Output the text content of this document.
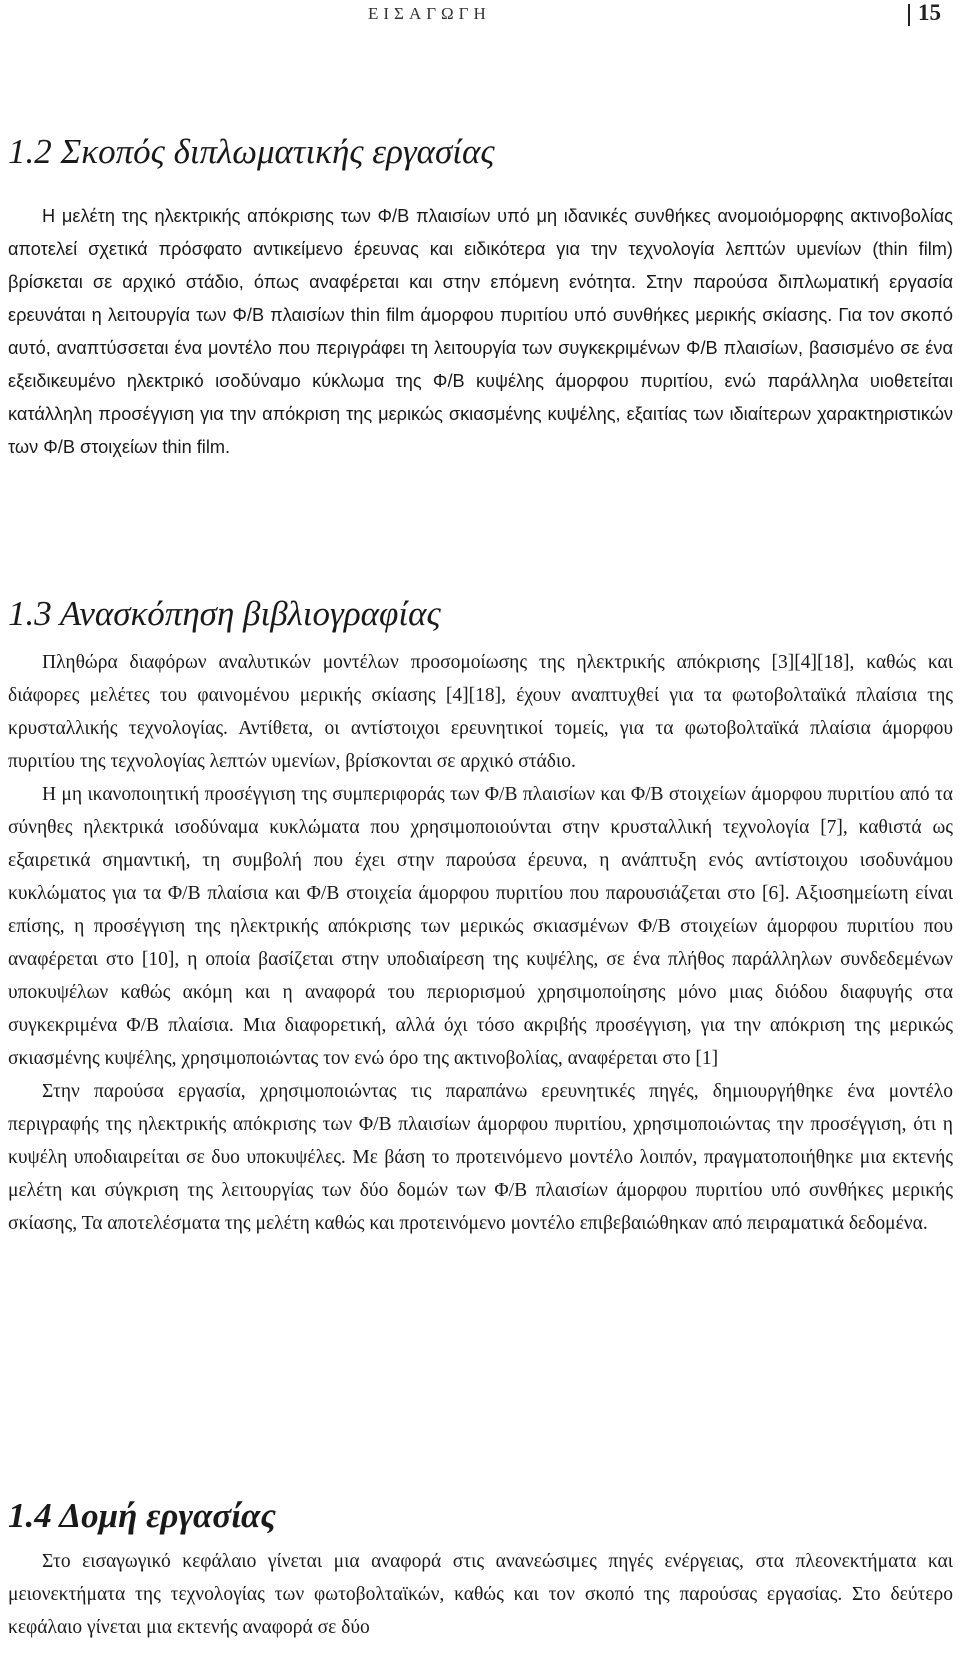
ΕΙΣΑΓΩΓΗ	15
1.2 Σκοπός διπλωματικής εργασίας

Η μελέτη της ηλεκτρικής απόκρισης των Φ/Β πλαισίων υπό μη ιδανικές συνθήκες ανομοιόμορφης ακτινοβολίας αποτελεί σχετικά πρόσφατο αντικείμενο έρευνας και ειδικότερα για την τεχνολογία λεπτών υμενίων (thin film) βρίσκεται σε αρχικό στάδιο, όπως αναφέρεται και στην επόμενη ενότητα. Στην παρούσα διπλωματική εργασία ερευνάται η λειτουργία των Φ/Β πλαισίων thin film άμορφου πυριτίου υπό συνθήκες μερικής σκίασης. Για τον σκοπό αυτό, αναπτύσσεται ένα μοντέλο που περιγράφει τη λειτουργία των συγκεκριμένων Φ/Β πλαισίων, βασισμένο σε ένα εξειδικευμένο ηλεκτρικό ισοδύναμο κύκλωμα της Φ/Β κυψέλης άμορφου πυριτίου, ενώ παράλληλα υιοθετείται κατάλληλη προσέγγιση για την απόκριση της μερικώς σκιασμένης κυψέλης, εξαιτίας των ιδιαίτερων χαρακτηριστικών των Φ/Β στοιχείων thin film.

1.3 Ανασκόπηση βιβλιογραφίας

Πληθώρα διαφόρων αναλυτικών μοντέλων προσομοίωσης της ηλεκτρικής απόκρισης [3][4][18], καθώς και διάφορες μελέτες του φαινομένου μερικής σκίασης [4][18], έχουν αναπτυχθεί για τα φωτοβολταϊκά πλαίσια της κρυσταλλικής τεχνολογίας. Αντίθετα, οι αντίστοιχοι ερευνητικοί τομείς, για τα φωτοβολταϊκά πλαίσια άμορφου πυριτίου της τεχνολογίας λεπτών υμενίων, βρίσκονται σε αρχικό στάδιο.

Η μη ικανοποιητική προσέγγιση της συμπεριφοράς των Φ/Β πλαισίων και Φ/Β στοιχείων άμορφου πυριτίου από τα σύνηθες ηλεκτρικά ισοδύναμα κυκλώματα που χρησιμοποιούνται στην κρυσταλλική τεχνολογία [7], καθιστά ως εξαιρετικά σημαντική, τη συμβολή που έχει στην παρούσα έρευνα, η ανάπτυξη ενός αντίστοιχου ισοδυνάμου κυκλώματος για τα Φ/Β πλαίσια και Φ/Β στοιχεία άμορφου πυριτίου που παρουσιάζεται στο [6]. Αξιοσημείωτη είναι επίσης, η προσέγγιση της ηλεκτρικής απόκρισης των μερικώς σκιασμένων Φ/Β στοιχείων άμορφου πυριτίου που αναφέρεται στο [10], η οποία βασίζεται στην υποδιαίρεση της κυψέλης, σε ένα πλήθος παράλληλων συνδεδεμένων υποκυψέλων καθώς ακόμη και η αναφορά του περιορισμού χρησιμοποίησης μόνο μιας διόδου διαφυγής στα συγκεκριμένα Φ/Β πλαίσια. Μια διαφορετική, αλλά όχι τόσο ακριβής προσέγγιση, για την απόκριση της μερικώς σκιασμένης κυψέλης, χρησιμοποιώντας τον ενώ όρο της ακτινοβολίας, αναφέρεται στο [1]

Στην παρούσα εργασία, χρησιμοποιώντας τις παραπάνω ερευνητικές πηγές, δημιουργήθηκε ένα μοντέλο περιγραφής της ηλεκτρικής απόκρισης των Φ/Β πλαισίων άμορφου πυριτίου, χρησιμοποιώντας την προσέγγιση, ότι η κυψέλη υποδιαιρείται σε δυο υποκυψέλες. Με βάση το προτεινόμενο μοντέλο λοιπόν, πραγματοποιήθηκε μια εκτενής μελέτη και σύγκριση της λειτουργίας των δύο δομών των Φ/Β πλαισίων άμορφου πυριτίου υπό συνθήκες μερικής σκίασης, Τα αποτελέσματα της μελέτη καθώς και προτεινόμενο μοντέλο επιβεβαιώθηκαν από πειραματικά δεδομένα.

1.4 Δομή εργασίας

Στο εισαγωγικό κεφάλαιο γίνεται μια αναφορά στις ανανεώσιμες πηγές ενέργειας, στα πλεονεκτήματα και μειονεκτήματα της τεχνολογίας των φωτοβολταϊκών, καθώς και τον σκοπό της παρούσας εργασίας. Στο δεύτερο κεφάλαιο γίνεται μια εκτενής αναφορά σε δύο
